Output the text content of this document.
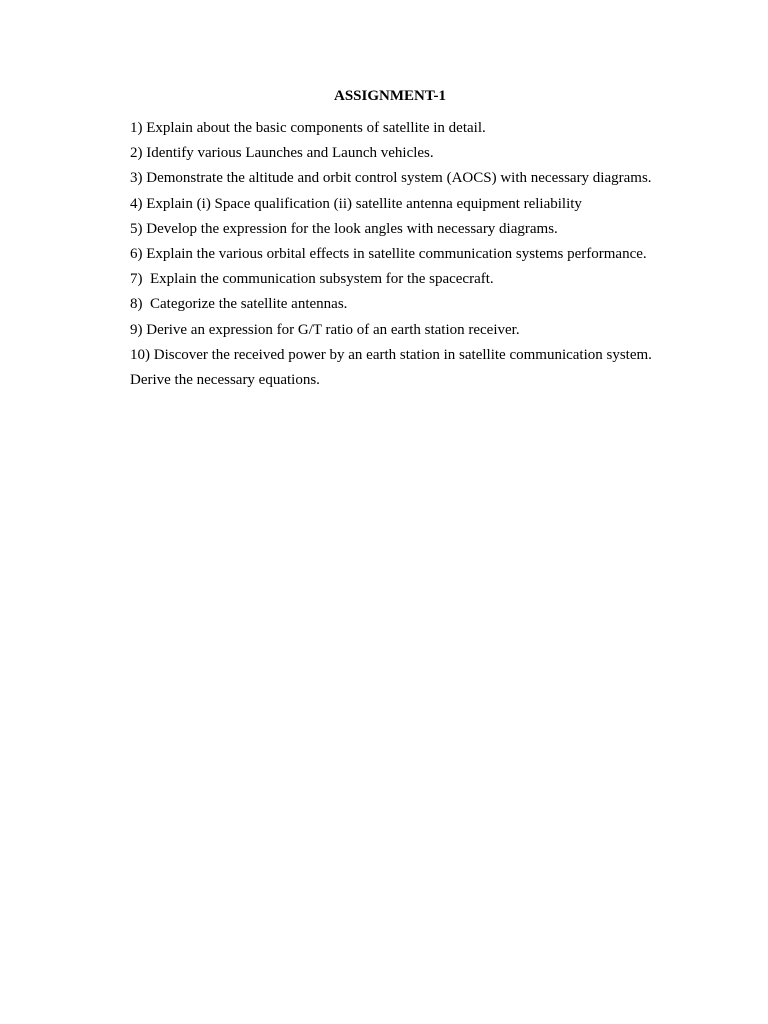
ASSIGNMENT-1
1) Explain about the basic components of satellite in detail.
2) Identify various Launches and Launch vehicles.
3) Demonstrate the altitude and orbit control system (AOCS) with necessary diagrams.
4) Explain (i) Space qualification (ii) satellite antenna equipment reliability
5) Develop the expression for the look angles with necessary diagrams.
6) Explain the various orbital effects in satellite communication systems performance.
7)  Explain the communication subsystem for the spacecraft.
8)  Categorize the satellite antennas.
9) Derive an expression for G/T ratio of an earth station receiver.
10) Discover the received power by an earth station in satellite communication system.
Derive the necessary equations.
